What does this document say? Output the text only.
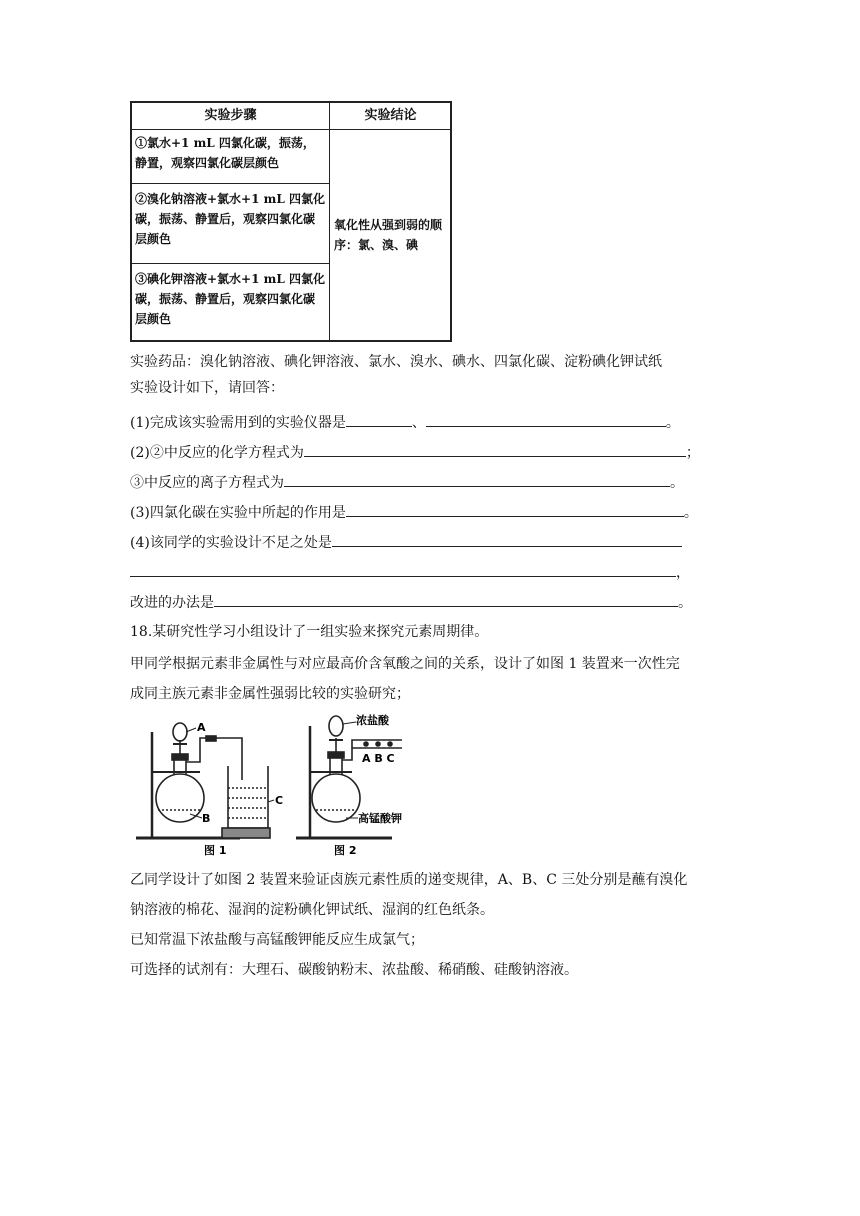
实验步骤	实验结论
①氯水+1 mL 四氯化碳，振荡，静置，观察四氯化碳层颜色
②溴化钠溶液+氯水+1 mL 四氯化碳，振荡、静置后，观察四氯化碳层颜色
③碘化钾溶液+氯水+1 mL 四氯化碳，振荡、静置后，观察四氯化碳层颜色
氧化性从强到弱的顺序：氯、溴、碘
实验药品：溴化钠溶液、碘化钾溶液、氯水、溴水、碘水、四氯化碳、淀粉碘化钾试纸
实验设计如下，请回答：
(1)完成该实验需用到的实验仪器是	、	。
(2)②中反应的化学方程式为	；
③中反应的离子方程式为	。
(3)四氯化碳在实验中所起的作用是	。
(4)该同学的实验设计不足之处是
，
改进的办法是	。
18.某研究性学习小组设计了一组实验来探究元素周期律。
甲同学根据元素非金属性与对应最高价含氧酸之间的关系，设计了如图 1 装置来一次性完
成同主族元素非金属性强弱比较的实验研究；
A
B
C
图 1
浓盐酸
A B C
高锰酸钾
图 2
乙同学设计了如图 2 装置来验证卤族元素性质的递变规律，A、B、C 三处分别是蘸有溴化
钠溶液的棉花、湿润的淀粉碘化钾试纸、湿润的红色纸条。
已知常温下浓盐酸与高锰酸钾能反应生成氯气；
可选择的试剂有：大理石、碳酸钠粉末、浓盐酸、稀硝酸、硅酸钠溶液。
